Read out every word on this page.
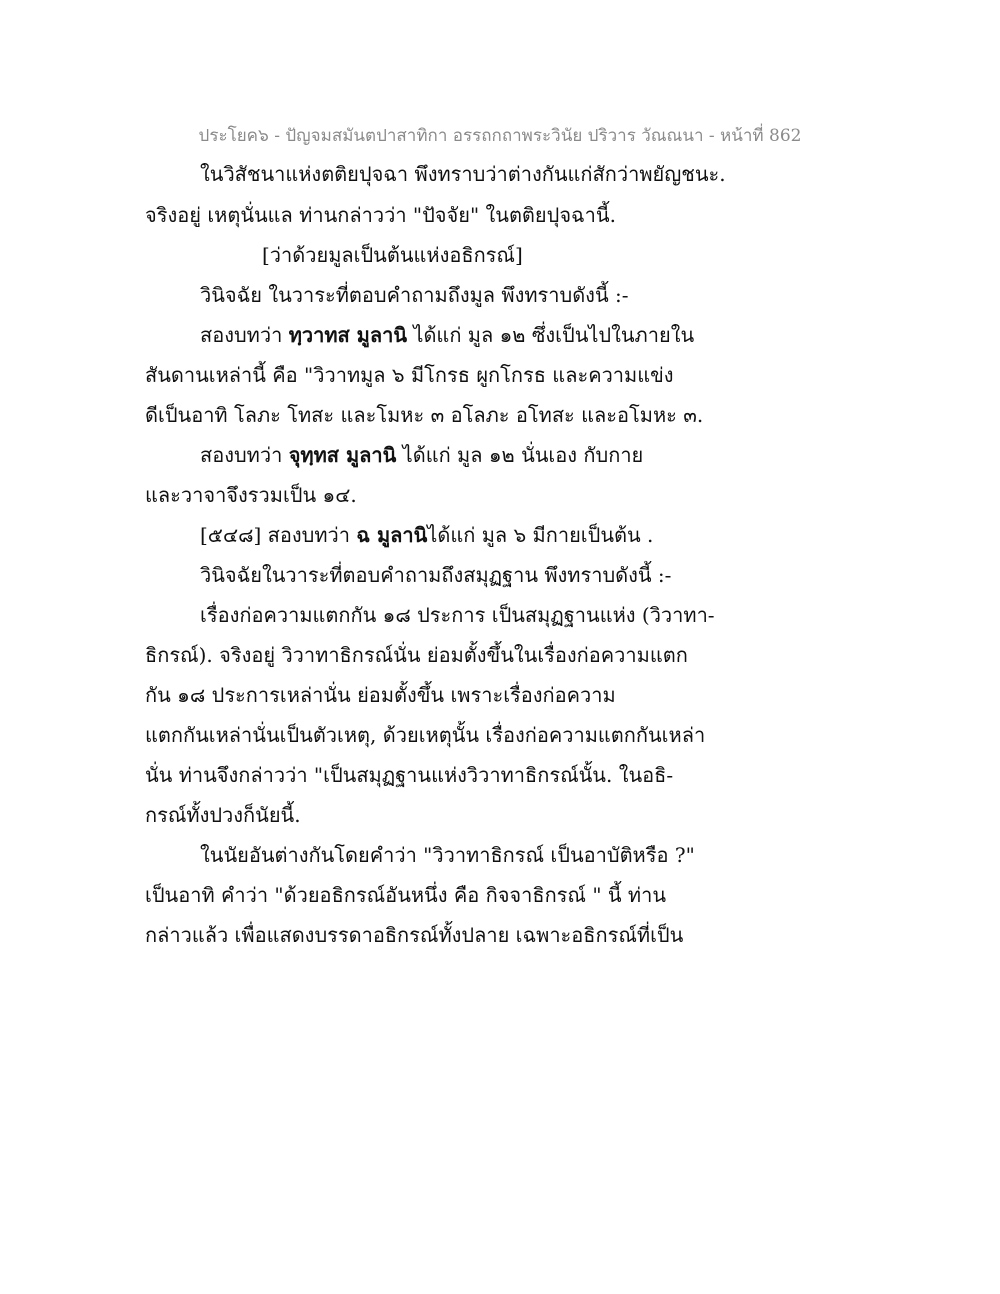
ประโยค๖ - ปัญจมสมันตปาสาทิกา อรรถกถาพระวินัย ปริวาร วัณณนา - หน้าที่ 862
ในวิสัชนาแห่งตติยปุจฉา พึงทราบว่าต่างกันแก่สักว่าพยัญชนะ.
จริงอยู่ เหตุนั่นแล ท่านกล่าวว่า "ปัจจัย" ในตติยปุจฉานี้.
[ว่าด้วยมูลเป็นต้นแห่งอธิกรณ์]
วินิจฉัย ในวาระที่ตอบคำถามถึงมูล พึงทราบดังนี้ :-
สองบทว่า ทฺวาทส มูลานิ ได้แก่ มูล ๑๒ ซึ่งเป็นไปในภายใน
สันดานเหล่านี้ คือ "วิวาทมูล ๖ มีโกรธ ผูกโกรธ และความแข่ง
ดีเป็นอาทิ โลภะ โทสะ และโมหะ ๓ อโลภะ อโทสะ และอโมหะ ๓.
สองบทว่า จุทฺทส มูลานิ ได้แก่ มูล ๑๒ นั่นเอง กับกาย
และวาจาจึงรวมเป็น ๑๔.
[๕๔๘] สองบทว่า ฉ มูลานิได้แก่ มูล ๖ มีกายเป็นต้น .
วินิจฉัยในวาระที่ตอบคำถามถึงสมุฏฐาน พึงทราบดังนี้ :-
เรื่องก่อความแตกกัน ๑๘ ประการ เป็นสมุฏฐานแห่ง (วิวาทา-
ธิกรณ์). จริงอยู่ วิวาทาธิกรณ์นั่น ย่อมตั้งขึ้นในเรื่องก่อความแตก
กัน ๑๘ ประการเหล่านั่น ย่อมตั้งขึ้น เพราะเรื่องก่อความ
แตกกันเหล่านั่นเป็นตัวเหตุ, ด้วยเหตุนั้น เรื่องก่อความแตกกันเหล่า
นั่น ท่านจึงกล่าวว่า "เป็นสมุฏฐานแห่งวิวาทาธิกรณ์นั้น. ในอธิ-
กรณ์ทั้งปวงก็นัยนี้.
ในนัยอันต่างกันโดยคำว่า "วิวาทาธิกรณ์ เป็นอาบัติหรือ ?"
เป็นอาทิ คำว่า "ด้วยอธิกรณ์อันหนึ่ง คือ กิจจาธิกรณ์ " นี้ ท่าน
กล่าวแล้ว เพื่อแสดงบรรดาอธิกรณ์ทั้งปลาย เฉพาะอธิกรณ์ที่เป็น
